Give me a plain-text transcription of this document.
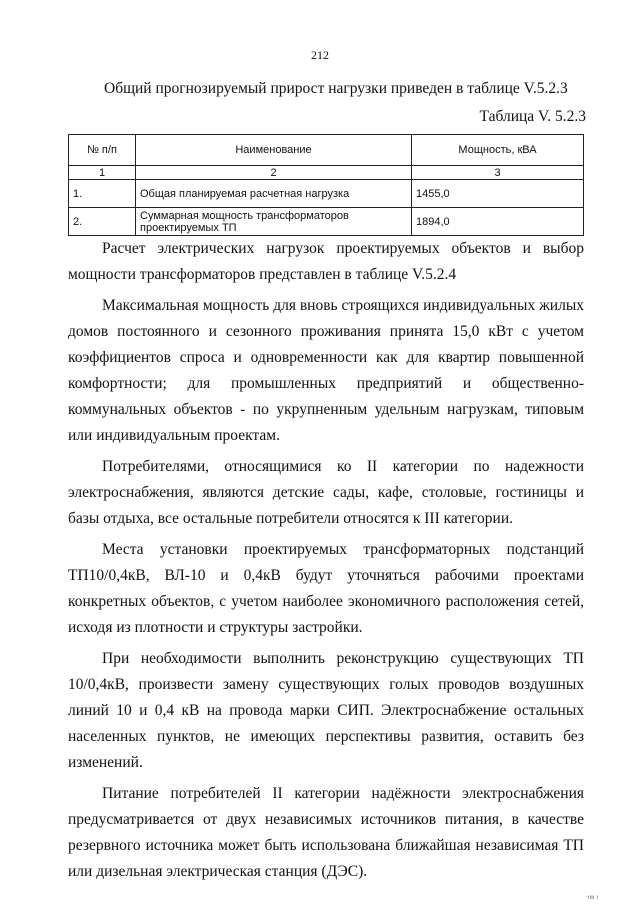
212
Общий прогнозируемый прирост нагрузки приведен в таблице V.5.2.3
Таблица V. 5.2.3
№ п/п	Наименование	Мощность, кВА
1	2	3
1.	Общая планируемая расчетная нагрузка	1455,0
2.	Суммарная мощность трансформаторов проектируемых ТП	1894,0

Расчет электрических нагрузок проектируемых объектов и выбор мощности трансформаторов представлен в таблице V.5.2.4

Максимальная мощность для вновь строящихся индивидуальных жилых домов постоянного и сезонного проживания принята 15,0 кВт с учетом коэффициентов спроса и одновременности как для квартир повышенной комфортности; для промышленных предприятий и общественно-коммунальных объектов - по укрупненным удельным нагрузкам, типовым или индивидуальным проектам.

Потребителями, относящимися ко II категории по надежности электроснабжения, являются детские сады, кафе, столовые, гостиницы и базы отдыха, все остальные потребители относятся к III категории.

Места установки проектируемых трансформаторных подстанций ТП10/0,4кВ, ВЛ-10 и 0,4кВ будут уточняться рабочими проектами конкретных объектов, с учетом наиболее экономичного расположения сетей, исходя из плотности и структуры застройки.

При необходимости выполнить реконструкцию существующих ТП 10/0,4кВ, произвести замену существующих голых проводов воздушных линий 10 и 0,4 кВ на провода марки СИП. Электроснабжение остальных населенных пунктов, не имеющих перспективы развития, оставить без изменений.

Питание потребителей II категории надёжности электроснабжения предусматривается от двух независимых источников питания, в качестве резервного источника может быть использована ближайшая независимая ТП или дизельная электрическая станция (ДЭС).

·ıııı ı
